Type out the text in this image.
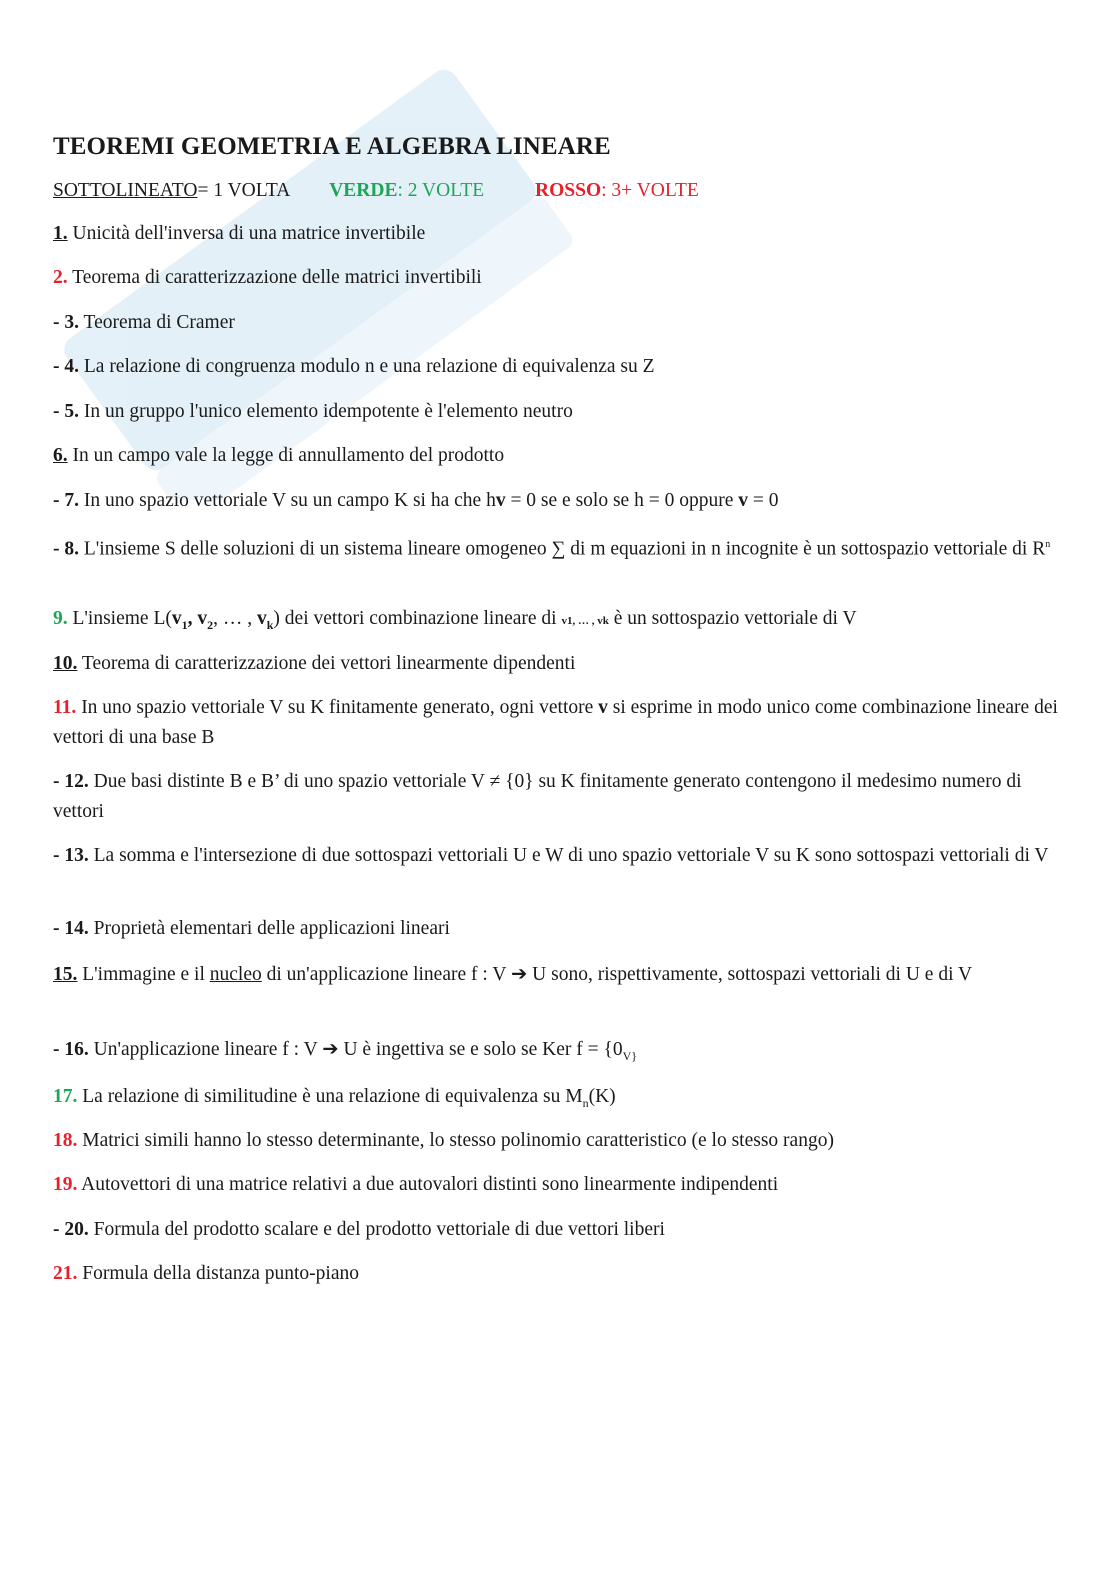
TEOREMI GEOMETRIA E ALGEBRA LINEARE
SOTTOLINEATO= 1 VOLTA VERDE: 2 VOLTE	ROSSO: 3+ VOLTE
1. Unicità dell'inversa di una matrice invertibile
2. Teorema di caratterizzazione delle matrici invertibili
- 3. Teorema di Cramer
- 4. La relazione di congruenza modulo n e una relazione di equivalenza su Z
- 5. In un gruppo l'unico elemento idempotente è l'elemento neutro
6. In un campo vale la legge di annullamento del prodotto
- 7. In uno spazio vettoriale V su un campo K si ha che hv = 0 se e solo se h = 0 oppure v = 0
- 8. L'insieme S delle soluzioni di un sistema lineare omogeneo ∑ di m equazioni in n incognite è un sottospazio vettoriale di $R^n$
9. L'insieme $L(v_1$, $v_2$, … , $v_k$) dei vettori combinazione lineare di v1, … , vk è un sottospazio vettoriale di V
10. Teorema di caratterizzazione dei vettori linearmente dipendenti
11. In uno spazio vettoriale V su K finitamente generato, ogni vettore v si esprime in modo unico come combinazione lineare dei vettori di una base B
- 12. Due basi distinte B e B’ di uno spazio vettoriale V ≠ {0} su K finitamente generato contengono il medesimo numero di vettori
- 13. La somma e l'intersezione di due sottospazi vettoriali U e W di uno spazio vettoriale V su K sono sottospazi vettoriali di V
- 14. Proprietà elementari delle applicazioni lineari
15. L'immagine e il nucleo di un'applicazione lineare f : V ➔ U sono, rispettivamente, sottospazi vettoriali di U e di V
- 16. Un'applicazione lineare f : V ➔ U è ingettiva se e solo se Ker $f = \{0_{V\}}$
17. La relazione di similitudine è una relazione di equivalenza su $M_n(K)$
18. Matrici simili hanno lo stesso determinante, lo stesso polinomio caratteristico (e lo stesso rango)
19. Autovettori di una matrice relativi a due autovalori distinti sono linearmente indipendenti
- 20. Formula del prodotto scalare e del prodotto vettoriale di due vettori liberi
21. Formula della distanza punto-piano
